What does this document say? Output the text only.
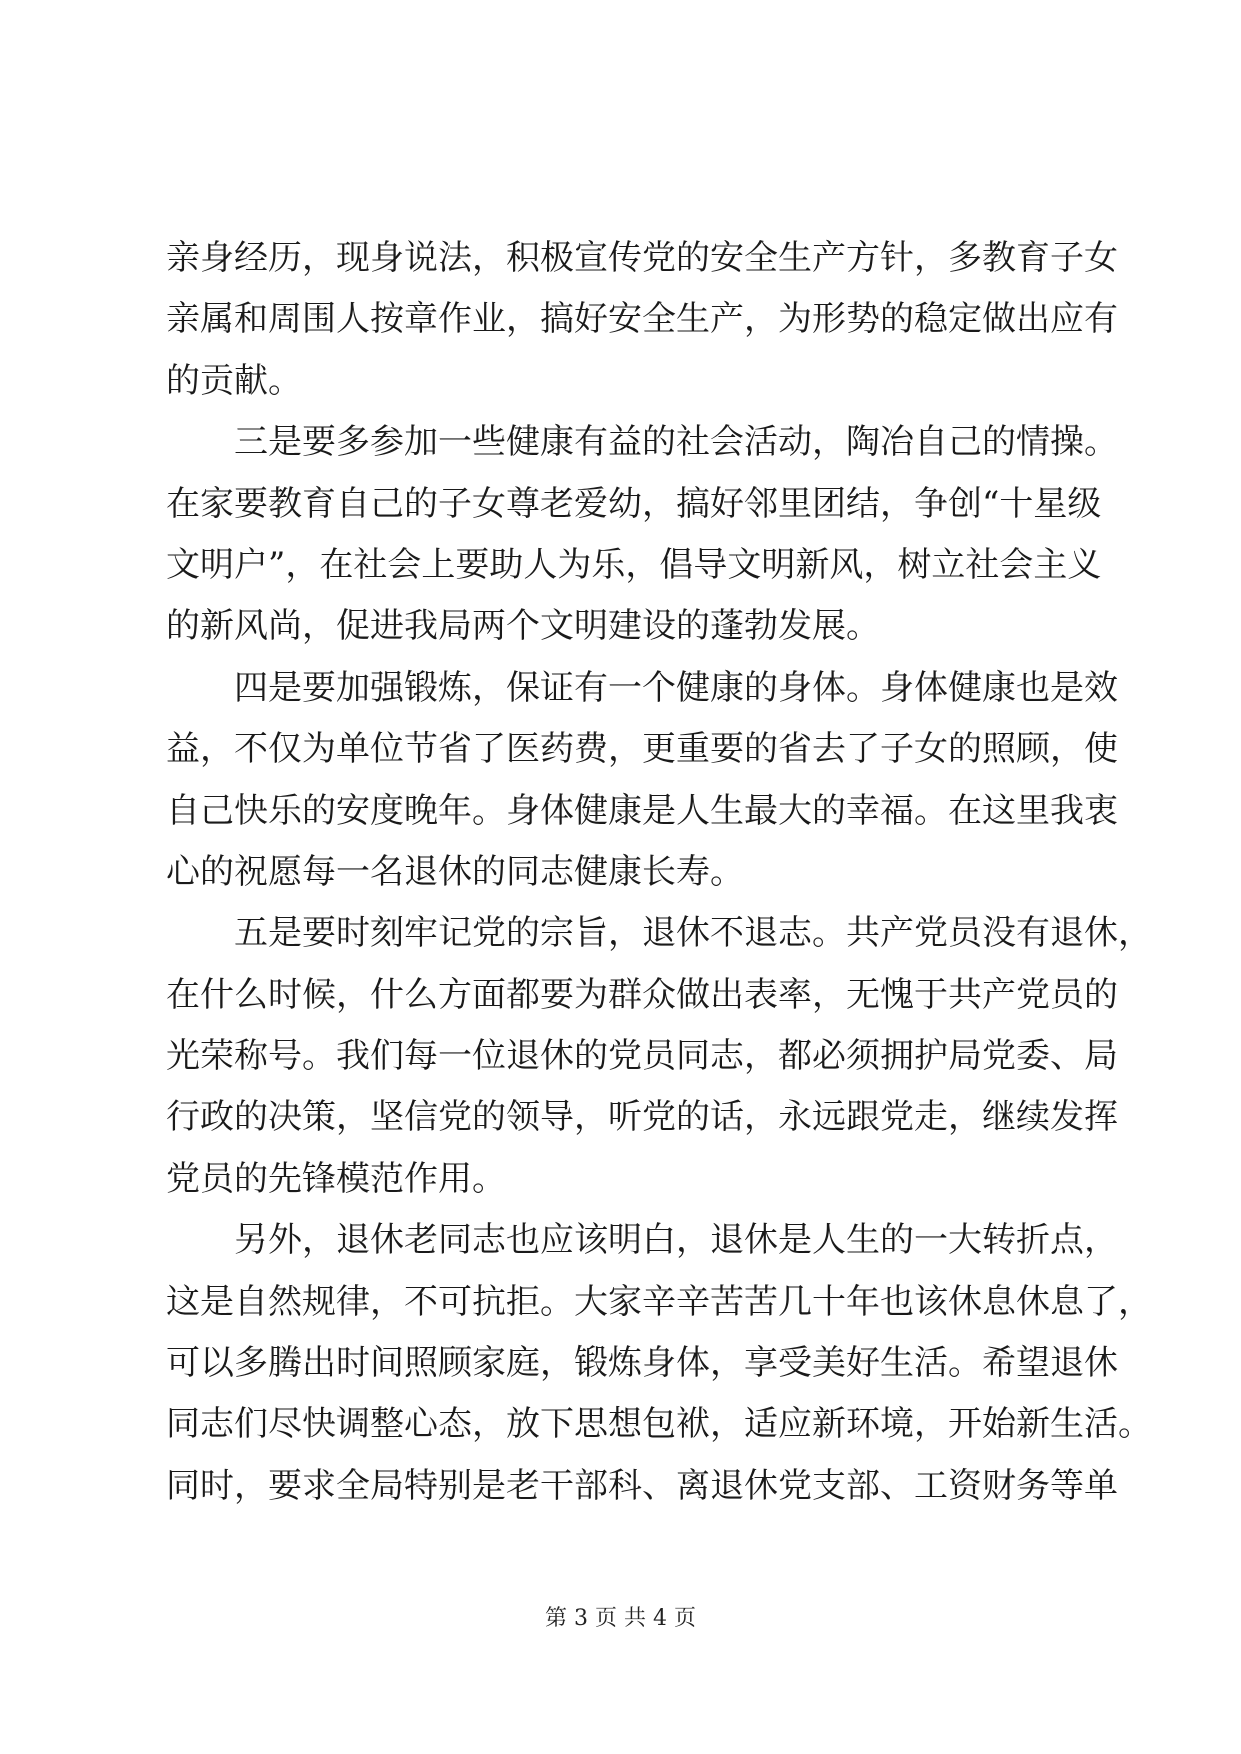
亲身经历，现身说法，积极宣传党的安全生产方针，多教育子女
亲属和周围人按章作业，搞好安全生产，为形势的稳定做出应有
的贡献。
三是要多参加一些健康有益的社会活动，陶冶自己的情操。
在家要教育自己的子女尊老爱幼，搞好邻里团结，争创“十星级
文明户”，在社会上要助人为乐，倡导文明新风，树立社会主义
的新风尚，促进我局两个文明建设的蓬勃发展。
四是要加强锻炼，保证有一个健康的身体。身体健康也是效
益，不仅为单位节省了医药费，更重要的省去了子女的照顾，使
自己快乐的安度晚年。身体健康是人生最大的幸福。在这里我衷
心的祝愿每一名退休的同志健康长寿。
五是要时刻牢记党的宗旨，退休不退志。共产党员没有退休，
在什么时候，什么方面都要为群众做出表率，无愧于共产党员的
光荣称号。我们每一位退休的党员同志，都必须拥护局党委、局
行政的决策，坚信党的领导，听党的话，永远跟党走，继续发挥
党员的先锋模范作用。
另外，退休老同志也应该明白，退休是人生的一大转折点，
这是自然规律，不可抗拒。大家辛辛苦苦几十年也该休息休息了，
可以多腾出时间照顾家庭，锻炼身体，享受美好生活。希望退休
同志们尽快调整心态，放下思想包袱，适应新环境，开始新生活。
同时，要求全局特别是老干部科、离退休党支部、工资财务等单
第 3 页 共 4 页
